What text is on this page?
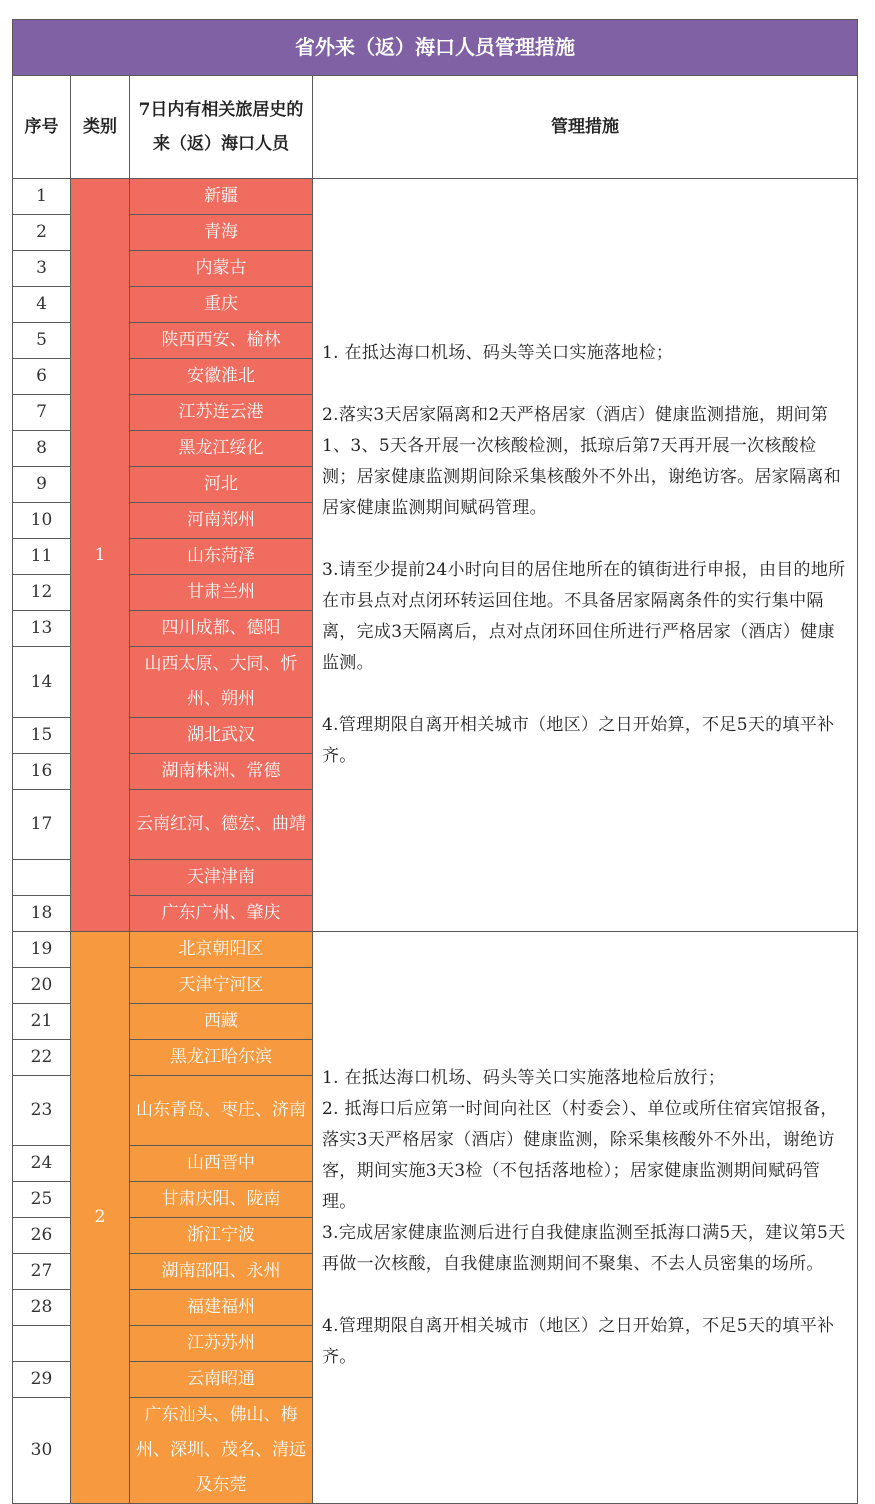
省外来（返）海口人员管理措施			
序号	类别	7日内有相关旅居史的来（返）海口人员	管理措施
1	1	新疆	1. 在抵达海口机场、码头等关口实施落地检；

2.落实3天居家隔离和2天严格居家（酒店）健康监测措施，期间第1、3、5天各开展一次核酸检测，抵琼后第7天再开展一次核酸检测；居家健康监测期间除采集核酸外不外出，谢绝访客。居家隔离和居家健康监测期间赋码管理。

3.请至少提前24小时向目的居住地所在的镇街进行申报，由目的地所在市县点对点闭环转运回住地。不具备居家隔离条件的实行集中隔离，完成3天隔离后，点对点闭环回住所进行严格居家（酒店）健康监测。

4.管理期限自离开相关城市（地区）之日开始算，不足5天的填平补齐。

2		青海	
3		内蒙古	
4		重庆	
5		陕西西安、榆林	
6		安徽淮北	
7		江苏连云港	
8		黑龙江绥化	
9		河北	
10		河南郑州	
11		山东菏泽	
12		甘肃兰州	
13		四川成都、德阳	
14		山西太原、大同、忻州、朔州	
15		湖北武汉	
16		湖南株洲、常德	
17		云南红河、德宏、曲靖	
		天津津南	
18		广东广州、肇庆	
19	2	北京朝阳区	1. 在抵达海口机场、码头等关口实施落地检后放行；

2. 抵海口后应第一时间向社区（村委会）、单位或所住宿宾馆报备，落实3天严格居家（酒店）健康监测，除采集核酸外不外出，谢绝访客，期间实施3天3检（不包括落地检）；居家健康监测期间赋码管理。

3.完成居家健康监测后进行自我健康监测至抵海口满5天，建议第5天再做一次核酸，自我健康监测期间不聚集、不去人员密集的场所。

4.管理期限自离开相关城市（地区）之日开始算，不足5天的填平补齐。

20		天津宁河区	
21		西藏	
22		黑龙江哈尔滨	
23		山东青岛、枣庄、济南	
24		山西晋中	
25		甘肃庆阳、陇南	
26		浙江宁波	
27		湖南邵阳、永州	
28		福建福州	
		江苏苏州	
29		云南昭通	
30		广东汕头、佛山、梅州、深圳、茂名、清远及东莞	
